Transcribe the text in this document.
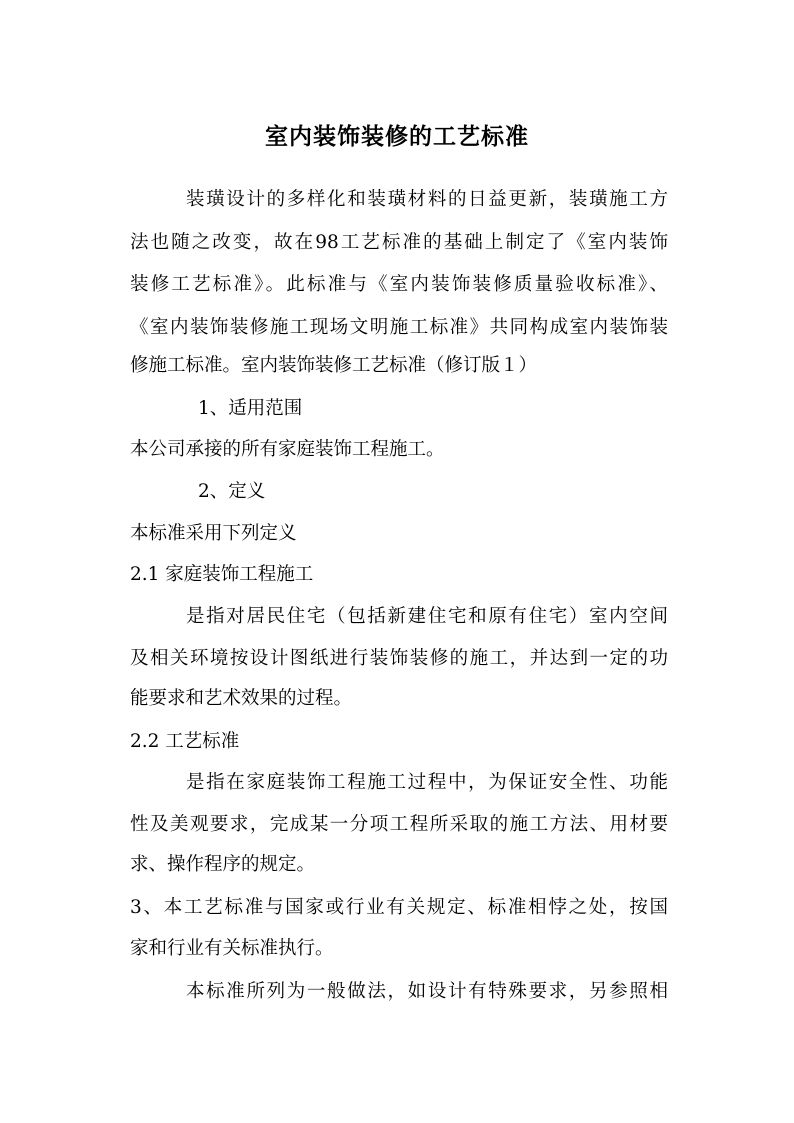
室内装饰装修的工艺标准

装璜设计的多样化和装璜材料的日益更新，装璜施工方

法也随之改变，故在98工艺标准的基础上制定了《室内装饰

装修工艺标准》。此标准与《室内装饰装修质量验收标准》、

《室内装饰装修施工现场文明施工标准》共同构成室内装饰装

修施工标准。室内装饰装修工艺标准（修订版１）

1、适用范围

本公司承接的所有家庭装饰工程施工。

2、定义

本标准采用下列定义

2.1 家庭装饰工程施工

是指对居民住宅（包括新建住宅和原有住宅）室内空间

及相关环境按设计图纸进行装饰装修的施工，并达到一定的功

能要求和艺术效果的过程。

2.2 工艺标准

是指在家庭装饰工程施工过程中，为保证安全性、功能

性及美观要求，完成某一分项工程所采取的施工方法、用材要

求、操作程序的规定。

3、本工艺标准与国家或行业有关规定、标准相悖之处，按国

家和行业有关标准执行。

本标准所列为一般做法，如设计有特殊要求，另参照相
